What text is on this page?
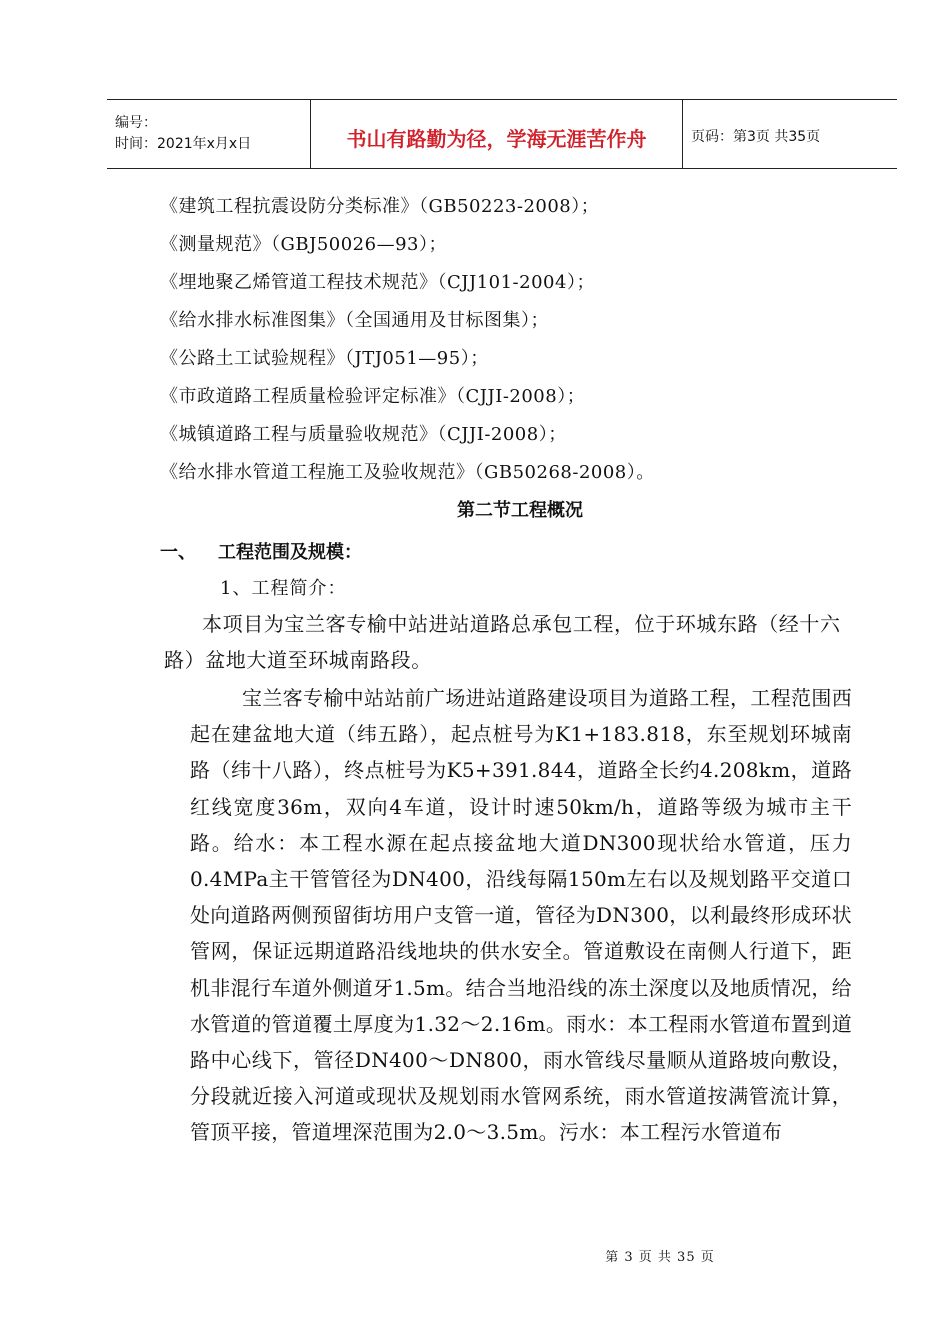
编号：
时间：2021年x月x日	书山有路勤为径，学海无涯苦作舟	页码：第3页 共35页
《建筑工程抗震设防分类标准》（GB50223-2008）；
《测量规范》（GBJ50026—93）；
《埋地聚乙烯管道工程技术规范》（CJJ101-2004）；
《给水排水标准图集》（全国通用及甘标图集）；
《公路土工试验规程》（JTJ051—95）；
《市政道路工程质量检验评定标准》（CJJI-2008）；
《城镇道路工程与质量验收规范》（CJJI-2008）；
《给水排水管道工程施工及验收规范》（GB50268-2008）。
第二节工程概况
一、 工程范围及规模：
1、工程简介：
本项目为宝兰客专榆中站进站道路总承包工程，位于环城东路（经十六路）盆地大道至环城南路段。
宝兰客专榆中站站前广场进站道路建设项目为道路工程，工程范围西起在建盆地大道（纬五路），起点桩号为K1+183.818，东至规划环城南路（纬十八路），终点桩号为K5+391.844，道路全长约4.208km，道路红线宽度36m，双向4车道，设计时速50km/h，道路等级为城市主干路。给水：本工程水源在起点接盆地大道DN300现状给水管道，压力0.4MPa主干管管径为DN400，沿线每隔150m左右以及规划路平交道口处向道路两侧预留街坊用户支管一道，管径为DN300，以利最终形成环状管网，保证远期道路沿线地块的供水安全。管道敷设在南侧人行道下，距机非混行车道外侧道牙1.5m。结合当地沿线的冻土深度以及地质情况，给水管道的管道覆土厚度为1.32～2.16m。雨水：本工程雨水管道布置到道路中心线下，管径DN400～DN800，雨水管线尽量顺从道路坡向敷设，分段就近接入河道或现状及规划雨水管网系统，雨水管道按满管流计算，管顶平接，管道埋深范围为2.0～3.5m。污水：本工程污水管道布
第 3 页 共 35 页
